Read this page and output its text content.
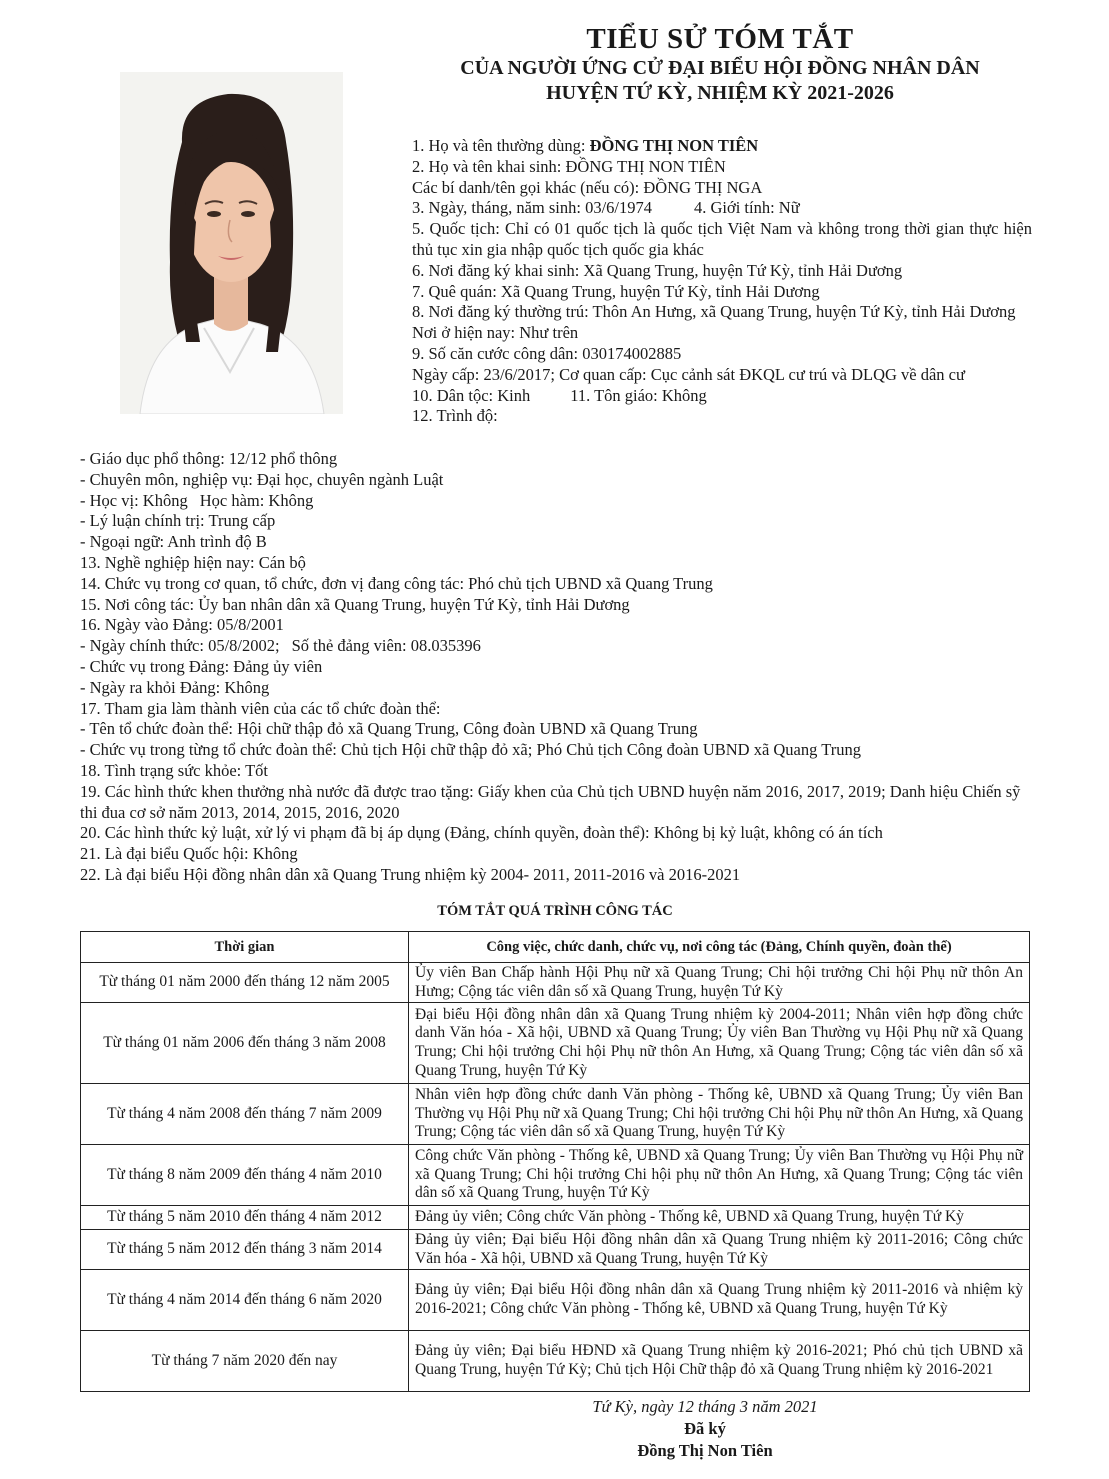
TIỂU SỬ TÓM TẮT
CỦA NGƯỜI ỨNG CỬ ĐẠI BIỂU HỘI ĐỒNG NHÂN DÂN
HUYỆN TỨ KỲ, NHIỆM KỲ 2021-2026
1. Họ và tên thường dùng: ĐỒNG THỊ NON TIÊN
2. Họ và tên khai sinh: ĐỒNG THỊ NON TIÊN
Các bí danh/tên gọi khác (nếu có): ĐỒNG THỊ NGA
3. Ngày, tháng, năm sinh: 03/6/1974	4. Giới tính: Nữ
5. Quốc tịch: Chỉ có 01 quốc tịch là quốc tịch Việt Nam và không trong thời gian thực hiện thủ tục xin gia nhập quốc tịch quốc gia khác
6. Nơi đăng ký khai sinh: Xã Quang Trung, huyện Tứ Kỳ, tỉnh Hải Dương
7. Quê quán: Xã Quang Trung, huyện Tứ Kỳ, tỉnh Hải Dương
8. Nơi đăng ký thường trú: Thôn An Hưng, xã Quang Trung, huyện Tứ Kỳ, tỉnh Hải Dương
Nơi ở hiện nay: Như trên
9. Số căn cước công dân: 030174002885
Ngày cấp: 23/6/2017; Cơ quan cấp: Cục cảnh sát ĐKQL cư trú và DLQG về dân cư
10. Dân tộc: Kinh 11. Tôn giáo: Không
12. Trình độ:
- Giáo dục phổ thông: 12/12 phổ thông
- Chuyên môn, nghiệp vụ: Đại học, chuyên ngành Luật
- Học vị: Không Học hàm: Không
- Lý luận chính trị: Trung cấp
- Ngoại ngữ: Anh trình độ B
13. Nghề nghiệp hiện nay: Cán bộ
14. Chức vụ trong cơ quan, tổ chức, đơn vị đang công tác: Phó chủ tịch UBND xã Quang Trung
15. Nơi công tác: Ủy ban nhân dân xã Quang Trung, huyện Tứ Kỳ, tỉnh Hải Dương
16. Ngày vào Đảng: 05/8/2001
- Ngày chính thức: 05/8/2002; Số thẻ đảng viên: 08.035396
- Chức vụ trong Đảng: Đảng ủy viên
- Ngày ra khỏi Đảng: Không
17. Tham gia làm thành viên của các tổ chức đoàn thể:
- Tên tổ chức đoàn thể: Hội chữ thập đỏ xã Quang Trung, Công đoàn UBND xã Quang Trung
- Chức vụ trong từng tổ chức đoàn thể: Chủ tịch Hội chữ thập đỏ xã; Phó Chủ tịch Công đoàn UBND xã Quang Trung
18. Tình trạng sức khỏe: Tốt
19. Các hình thức khen thưởng nhà nước đã được trao tặng: Giấy khen của Chủ tịch UBND huyện năm 2016, 2017, 2019; Danh hiệu Chiến sỹ thi đua cơ sở năm 2013, 2014, 2015, 2016, 2020
20. Các hình thức kỷ luật, xử lý vi phạm đã bị áp dụng (Đảng, chính quyền, đoàn thể): Không bị kỷ luật, không có án tích
21. Là đại biểu Quốc hội: Không
22. Là đại biểu Hội đồng nhân dân xã Quang Trung nhiệm kỳ 2004- 2011, 2011-2016 và 2016-2021
TÓM TẮT QUÁ TRÌNH CÔNG TÁC
Thời gian	Công việc, chức danh, chức vụ, nơi công tác (Đảng, Chính quyền, đoàn thể)
Từ tháng 01 năm 2000 đến tháng 12 năm 2005	Ủy viên Ban Chấp hành Hội Phụ nữ xã Quang Trung; Chi hội trưởng Chi hội Phụ nữ thôn An Hưng; Cộng tác viên dân số xã Quang Trung, huyện Tứ Kỳ
Từ tháng 01 năm 2006 đến tháng 3 năm 2008	Đại biểu Hội đồng nhân dân xã Quang Trung nhiệm kỳ 2004-2011; Nhân viên hợp đồng chức danh Văn hóa - Xã hội, UBND xã Quang Trung; Ủy viên Ban Thường vụ Hội Phụ nữ xã Quang Trung; Chi hội trưởng Chi hội Phụ nữ thôn An Hưng, xã Quang Trung; Cộng tác viên dân số xã Quang Trung, huyện Tứ Kỳ
Từ tháng 4 năm 2008 đến tháng 7 năm 2009	Nhân viên hợp đồng chức danh Văn phòng - Thống kê, UBND xã Quang Trung; Ủy viên Ban Thường vụ Hội Phụ nữ xã Quang Trung; Chi hội trưởng Chi hội Phụ nữ thôn An Hưng, xã Quang Trung; Cộng tác viên dân số xã Quang Trung, huyện Tứ Kỳ
Từ tháng 8 năm 2009 đến tháng 4 năm 2010	Công chức Văn phòng - Thống kê, UBND xã Quang Trung; Ủy viên Ban Thường vụ Hội Phụ nữ xã Quang Trung; Chi hội trưởng Chi hội phụ nữ thôn An Hưng, xã Quang Trung; Cộng tác viên dân số xã Quang Trung, huyện Tứ Kỳ
Từ tháng 5 năm 2010 đến tháng 4 năm 2012	Đảng ủy viên; Công chức Văn phòng - Thống kê, UBND xã Quang Trung, huyện Tứ Kỳ
Từ tháng 5 năm 2012 đến tháng 3 năm 2014	Đảng ủy viên; Đại biểu Hội đồng nhân dân xã Quang Trung nhiệm kỳ 2011-2016; Công chức Văn hóa - Xã hội, UBND xã Quang Trung, huyện Tứ Kỳ
Từ tháng 4 năm 2014 đến tháng 6 năm 2020	Đảng ủy viên; Đại biểu Hội đồng nhân dân xã Quang Trung nhiệm kỳ 2011-2016 và nhiệm kỳ 2016-2021; Công chức Văn phòng - Thống kê, UBND xã Quang Trung, huyện Tứ Kỳ
Từ tháng 7 năm 2020 đến nay	Đảng ủy viên; Đại biểu HĐND xã Quang Trung nhiệm kỳ 2016-2021; Phó chủ tịch UBND xã Quang Trung, huyện Tứ Kỳ; Chủ tịch Hội Chữ thập đỏ xã Quang Trung nhiệm kỳ 2016-2021
Tứ Kỳ, ngày 12 tháng 3 năm 2021
Đã ký
Đồng Thị Non Tiên
